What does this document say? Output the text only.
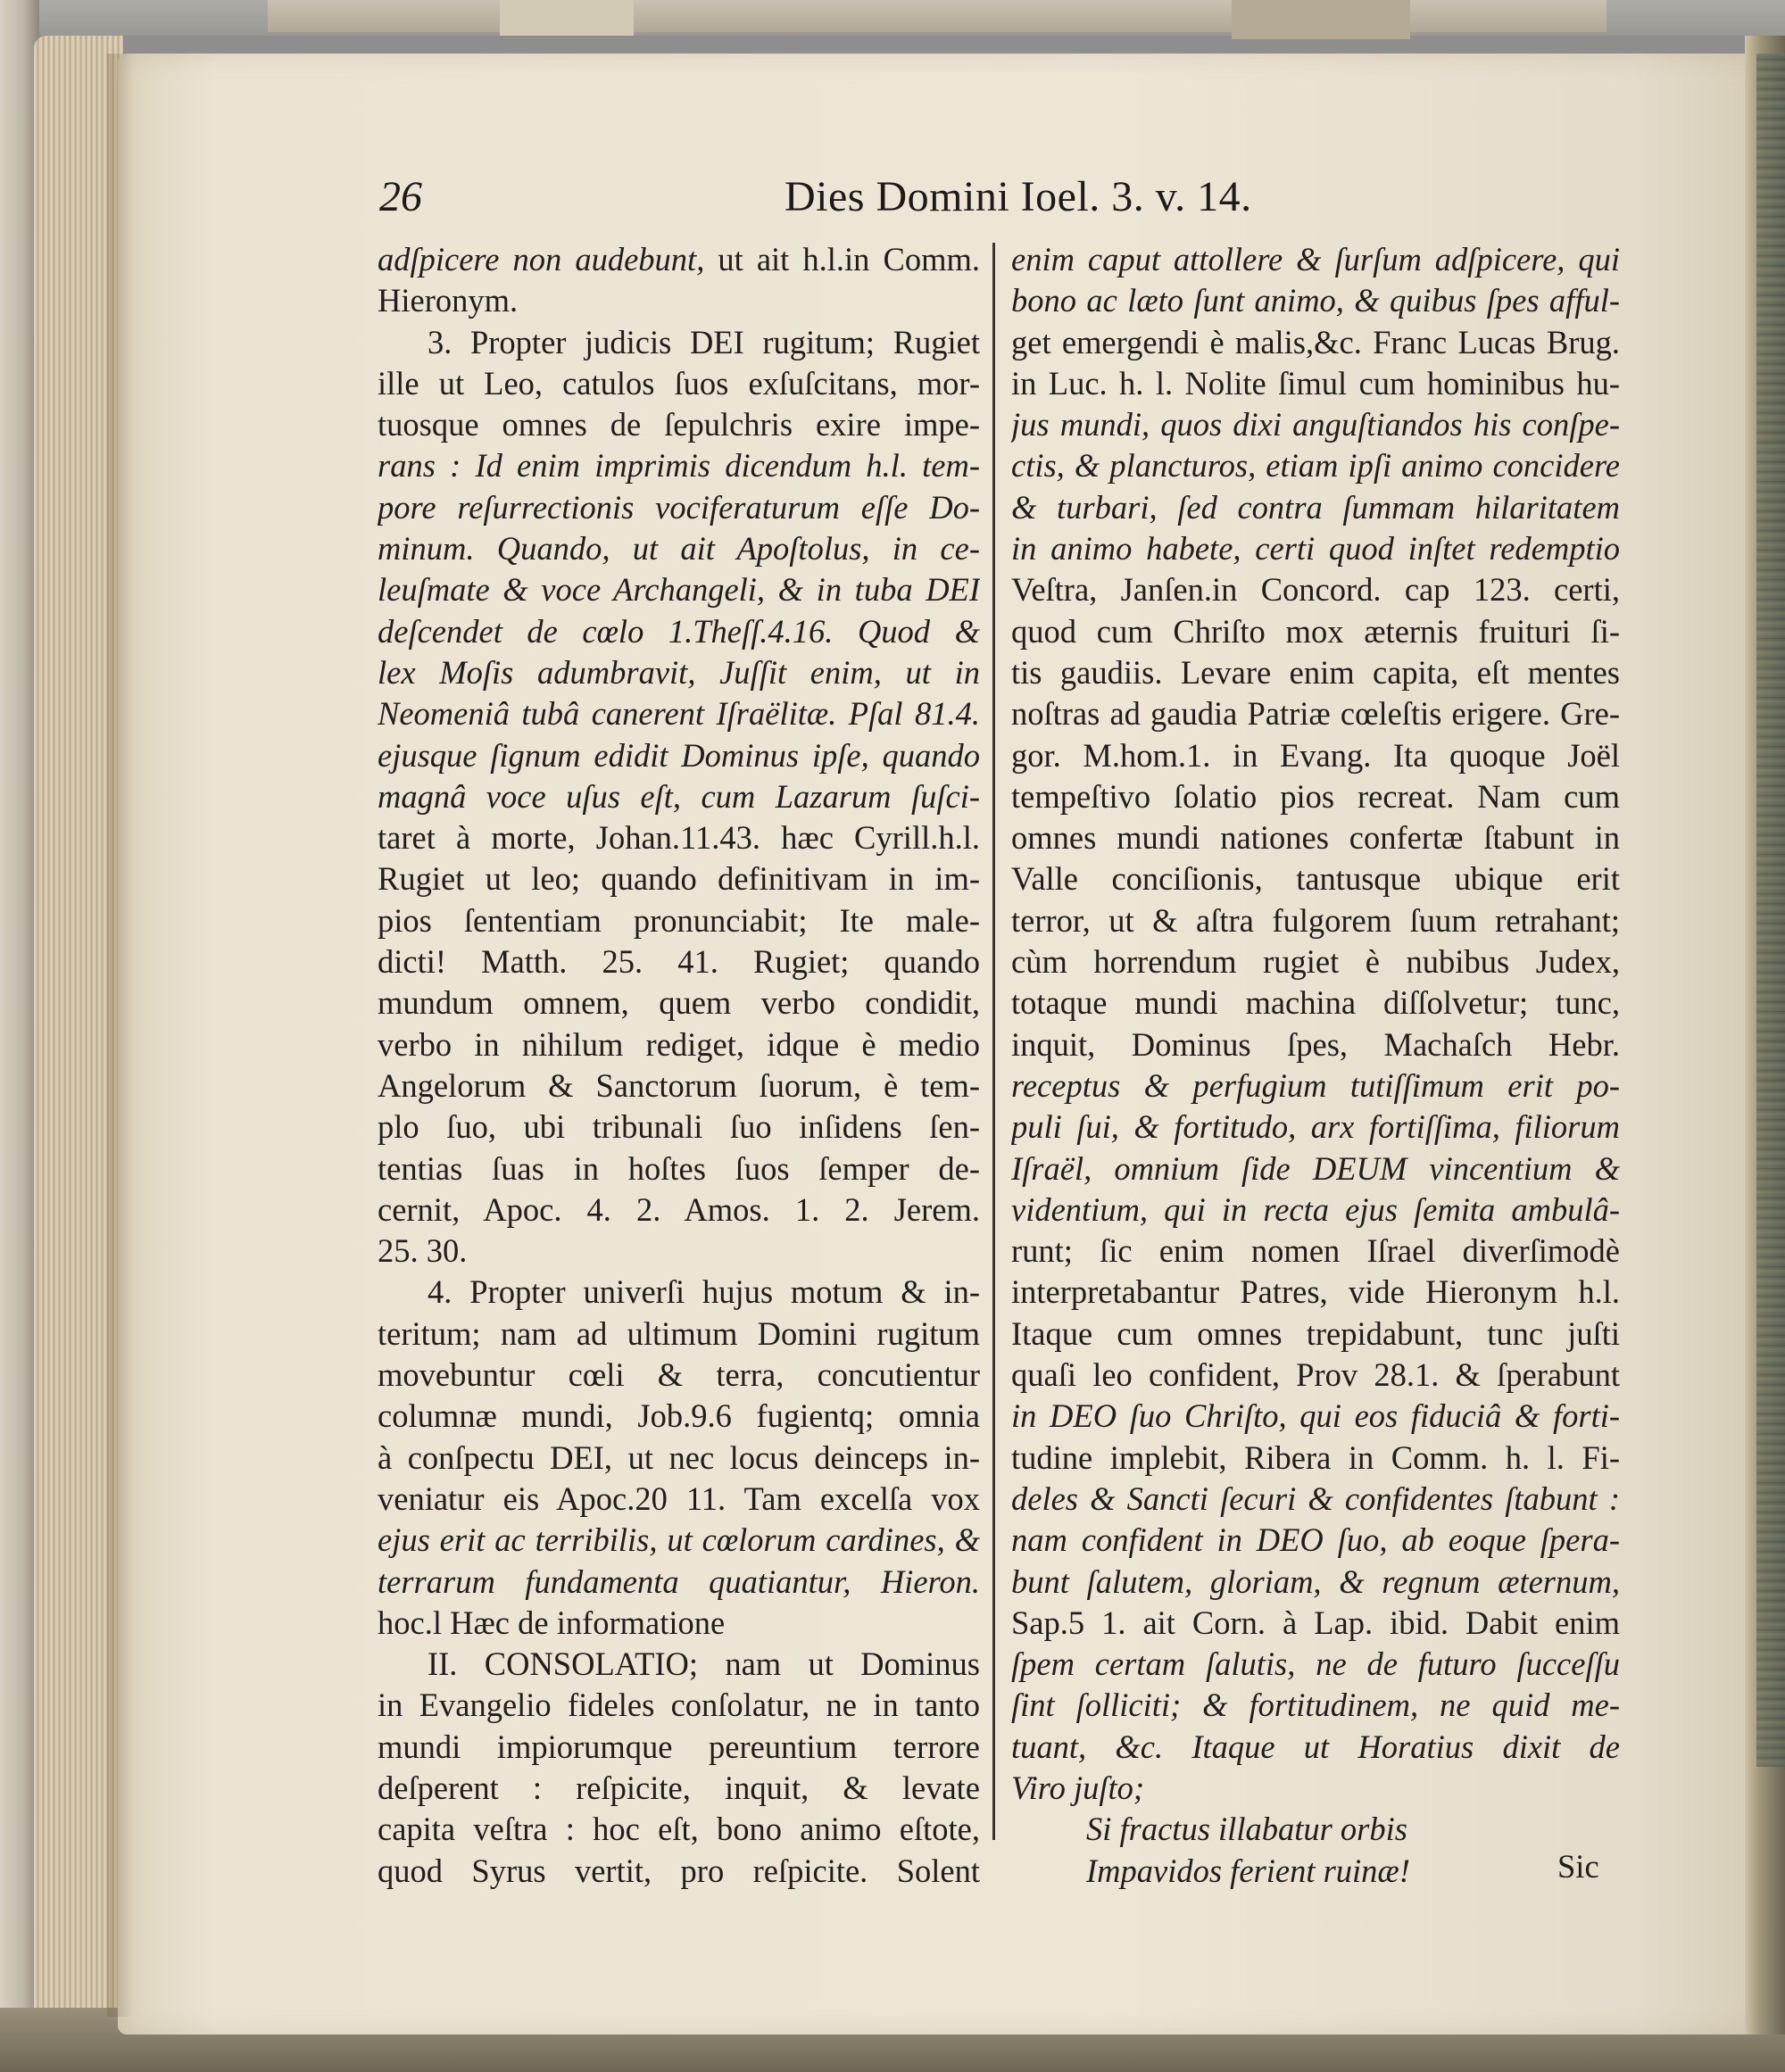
26	Dies Domini Ioel. 3. v. 14.
adſpicere non audebunt, ut ait h.l.in Comm.
Hieronym.
3. Propter judicis DEI rugitum; Rugiet
ille ut Leo, catulos ſuos exſuſcitans, mor-
tuosque omnes de ſepulchris exire impe-
rans : Id enim imprimis dicendum h.l. tem-
pore reſurrectionis vociferaturum eſſe Do-
minum. Quando, ut ait Apoſtolus, in ce-
leuſmate & voce Archangeli, & in tuba DEI
deſcendet de cœlo 1.Theſſ.4.16. Quod &
lex Moſis adumbravit, Juſſit enim, ut in
Neomeniâ tubâ canerent Iſraëlitæ. Pſal 81.4.
ejusque ſignum edidit Dominus ipſe, quando
magnâ voce uſus eſt, cum Lazarum ſuſci-
taret à morte, Johan.11.43. hæc Cyrill.h.l.
Rugiet ut leo; quando definitivam in im-
pios ſententiam pronunciabit; Ite male-
dicti! Matth. 25. 41. Rugiet; quando
mundum omnem, quem verbo condidit,
verbo in nihilum rediget, idque è medio
Angelorum & Sanctorum ſuorum, è tem-
plo ſuo, ubi tribunali ſuo inſidens ſen-
tentias ſuas in hoſtes ſuos ſemper de-
cernit, Apoc. 4. 2. Amos. 1. 2. Jerem.
25. 30.
4. Propter univerſi hujus motum & in-
teritum; nam ad ultimum Domini rugitum
movebuntur cœli & terra, concutientur
columnæ mundi, Job.9.6 fugientq; omnia
à conſpectu DEI, ut nec locus deinceps in-
veniatur eis Apoc.20 11. Tam excelſa vox
ejus erit ac terribilis, ut cœlorum cardines, &
terrarum fundamenta quatiantur, Hieron.
hoc.l Hæc de informatione
II. CONSOLATIO; nam ut Dominus
in Evangelio fideles conſolatur, ne in tanto
mundi impiorumque pereuntium terrore
deſperent : reſpicite, inquit, & levate
capita veſtra : hoc eſt, bono animo eſtote,
quod Syrus vertit, pro reſpicite. Solent
enim caput attollere & ſurſum adſpicere, qui
bono ac læto ſunt animo, & quibus ſpes afful-
get emergendi è malis,&c. Franc Lucas Brug.
in Luc. h. l. Nolite ſimul cum hominibus hu-
jus mundi, quos dixi anguſtiandos his conſpe-
ctis, & plancturos, etiam ipſi animo concidere
& turbari, ſed contra ſummam hilaritatem
in animo habete, certi quod inſtet redemptio
Veſtra, Janſen.in Concord. cap 123. certi,
quod cum Chriſto mox æternis fruituri ſi-
tis gaudiis. Levare enim capita, eſt mentes
noſtras ad gaudia Patriæ cœleſtis erigere. Gre-
gor. M.hom.1. in Evang. Ita quoque Joël
tempeſtivo ſolatio pios recreat. Nam cum
omnes mundi nationes confertæ ſtabunt in
Valle conciſionis, tantusque ubique erit
terror, ut & aſtra fulgorem ſuum retrahant;
cùm horrendum rugiet è nubibus Judex,
totaque mundi machina diſſolvetur; tunc,
inquit, Dominus ſpes, Machaſch Hebr.
receptus & perfugium tutiſſimum erit po-
puli ſui, & fortitudo, arx fortiſſima, filiorum
Iſraël, omnium ſide DEUM vincentium &
videntium, qui in recta ejus ſemita ambulâ-
runt; ſic enim nomen Iſrael diverſimodè
interpretabantur Patres, vide Hieronym h.l.
Itaque cum omnes trepidabunt, tunc juſti
quaſi leo confident, Prov 28.1. & ſperabunt
in DEO ſuo Chriſto, qui eos fiduciâ & forti-
tudine implebit, Ribera in Comm. h. l. Fi-
deles & Sancti ſecuri & confidentes ſtabunt :
nam confident in DEO ſuo, ab eoque ſpera-
bunt ſalutem, gloriam, & regnum æternum,
Sap.5 1. ait Corn. à Lap. ibid. Dabit enim
ſpem certam ſalutis, ne de futuro ſucceſſu
ſint ſolliciti; & fortitudinem, ne quid me-
tuant, &c. Itaque ut Horatius dixit de
Viro juſto;
Si fractus illabatur orbis
Impavidos ferient ruinæ!	Sic
